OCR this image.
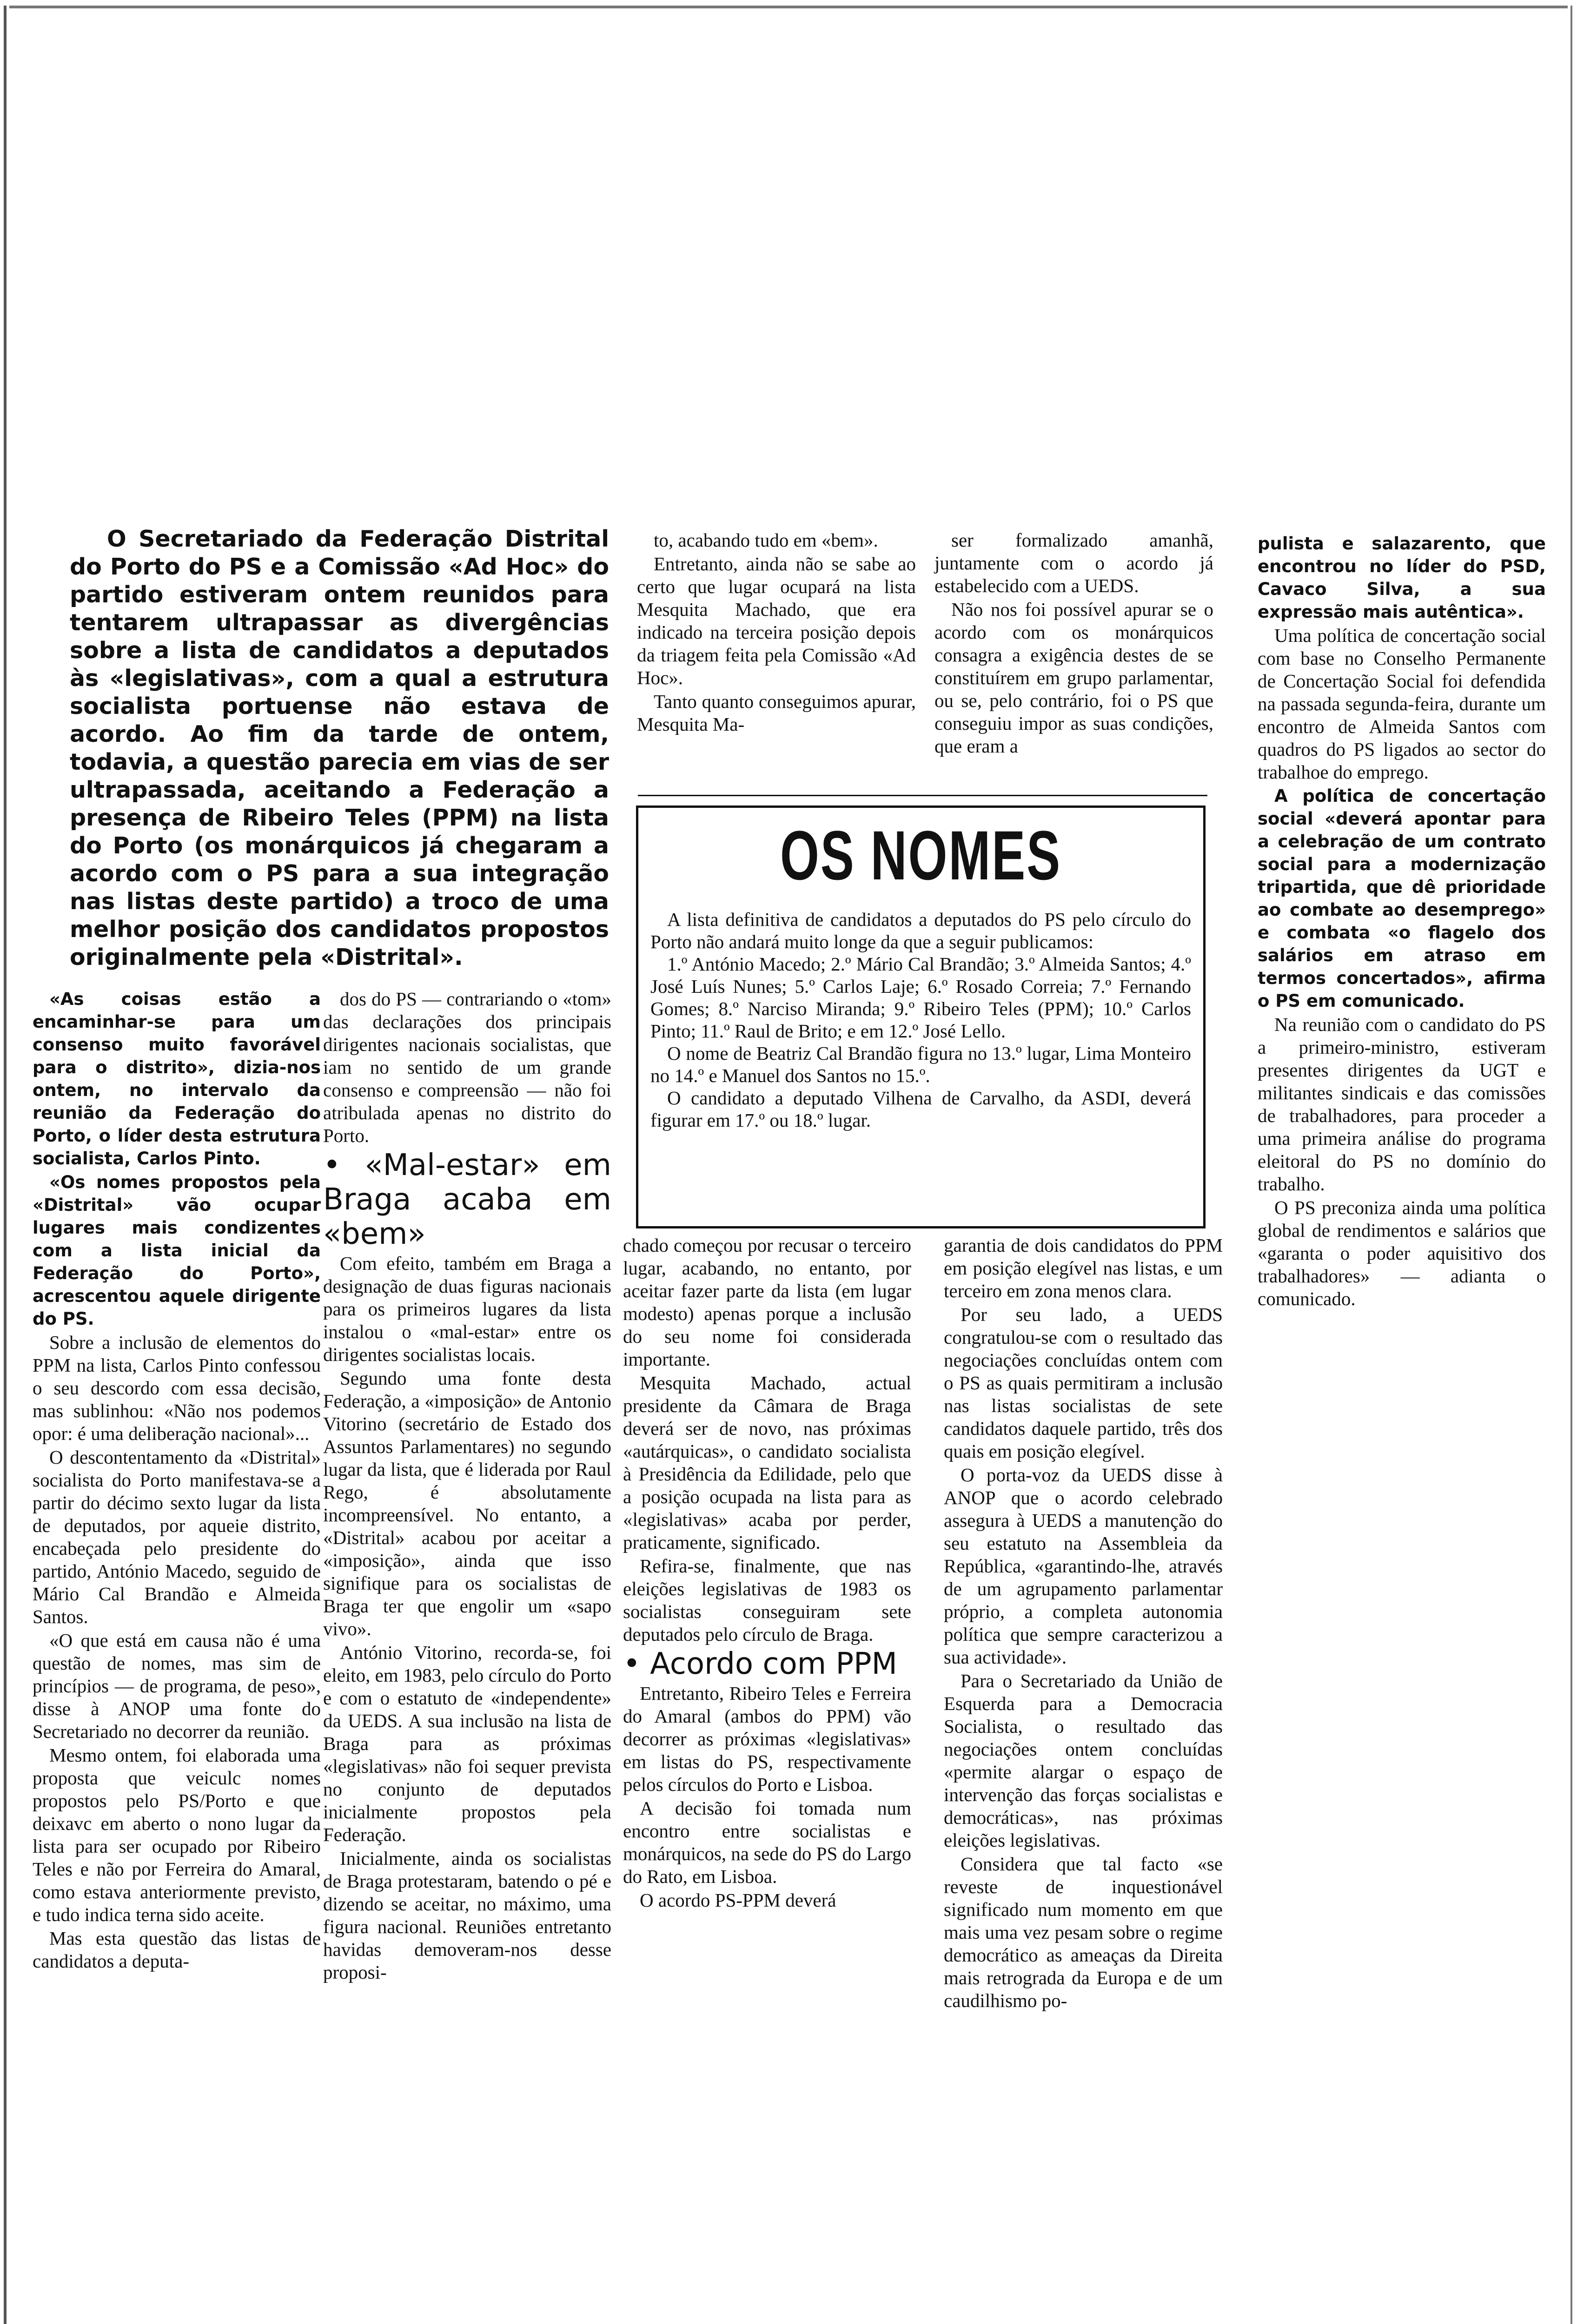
O Secretariado da Federação Distrital do Porto do PS e a Comissão «Ad Hoc» do partido estiveram ontem reunidos para tentarem ultrapassar as divergências sobre a lista de candidatos a deputados às «legislativas», com a qual a estrutura socialista portuense não estava de acordo. Ao fim da tarde de ontem, todavia, a questão parecia em vias de ser ultrapassada, aceitando a Federação a presença de Ribeiro Teles (PPM) na lista do Porto (os monárquicos já chegaram a acordo com o PS para a sua integração nas listas deste partido) a troco de uma melhor posição dos candidatos propostos originalmente pela «Distrital».

«As coisas estão a encaminhar-se para um consenso muito favorável para o distrito», dizia-nos ontem, no intervalo da reunião da Federação do Porto, o líder desta estrutura socialista, Carlos Pinto.

«Os nomes propostos pela «Distrital» vão ocupar lugares mais condizentes com a lista inicial da Federação do Porto», acrescentou aquele dirigente do PS.

Sobre a inclusão de elementos do PPM na lista, Carlos Pinto confessou o seu descordo com essa decisão, mas sublinhou: «Não nos podemos opor: é uma deliberação nacional»...

O descontentamento da «Distrital» socialista do Porto manifestava-se a partir do décimo sexto lugar da lista de deputados, por aqueie distrito, encabeçada pelo presidente do partido, António Macedo, seguido de Mário Cal Brandão e Almeida Santos.

«O que está em causa não é uma questão de nomes, mas sim de princípios — de programa, de peso», disse à ANOP uma fonte do Secretariado no decorrer da reunião.

Mesmo ontem, foi elaborada uma proposta que veiculc nomes propostos pelo PS/Porto e que deixavc em aberto o nono lugar da lista para ser ocupado por Ribeiro Teles e não por Ferreira do Amaral, como estava anteriormente previsto, e tudo indica terna sido aceite.

Mas esta questão das listas de candidatos a deputa-

dos do PS — contrariando o «tom» das declarações dos principais dirigentes nacionais socialistas, que iam no sentido de um grande consenso e compreensão — não foi atribulada apenas no distrito do Porto.

• «Mal-estar» em Braga acaba em «bem»

Com efeito, também em Braga a designação de duas figuras nacionais para os primeiros lugares da lista instalou o «mal-estar» entre os dirigentes socialistas locais.

Segundo uma fonte desta Federação, a «imposição» de Antonio Vitorino (secretário de Estado dos Assuntos Parlamentares) no segundo lugar da lista, que é liderada por Raul Rego, é absolutamente incompreensível. No entanto, a «Distrital» acabou por aceitar a «imposição», ainda que isso signifique para os socialistas de Braga ter que engolir um «sapo vivo».

António Vitorino, recorda-se, foi eleito, em 1983, pelo círculo do Porto e com o estatuto de «independente» da UEDS. A sua inclusão na lista de Braga para as próximas «legislativas» não foi sequer prevista no conjunto de deputados inicialmente propostos pela Federação.

Inicialmente, ainda os socialistas de Braga protestaram, batendo o pé e dizendo se aceitar, no máximo, uma figura nacional. Reuniões entretanto havidas demoveram-nos desse proposi-

to, acabando tudo em «bem».

Entretanto, ainda não se sabe ao certo que lugar ocupará na lista Mesquita Machado, que era indicado na terceira posição depois da triagem feita pela Comissão «Ad Hoc».

Tanto quanto conseguimos apurar, Mesquita Ma-

ser formalizado amanhã, juntamente com o acordo já estabelecido com a UEDS.

Não nos foi possível apurar se o acordo com os monárquicos consagra a exigência destes de se constituírem em grupo parlamentar, ou se, pelo contrário, foi o PS que conseguiu impor as suas condições, que eram a

OS NOMES

A lista definitiva de candidatos a deputados do PS pelo círculo do Porto não andará muito longe da que a seguir publicamos:

1.º António Macedo; 2.º Mário Cal Brandão; 3.º Almeida Santos; 4.º José Luís Nunes; 5.º Carlos Laje; 6.º Rosado Correia; 7.º Fernando Gomes; 8.º Narciso Miranda; 9.º Ribeiro Teles (PPM); 10.º Carlos Pinto; 11.º Raul de Brito; e em 12.º José Lello.

O nome de Beatriz Cal Brandão figura no 13.º lugar, Lima Monteiro no 14.º e Manuel dos Santos no 15.º.

O candidato a deputado Vilhena de Carvalho, da ASDI, deverá figurar em 17.º ou 18.º lugar.

chado começou por recusar o terceiro lugar, acabando, no entanto, por aceitar fazer parte da lista (em lugar modesto) apenas porque a inclusão do seu nome foi considerada importante.

Mesquita Machado, actual presidente da Câmara de Braga deverá ser de novo, nas próximas «autárquicas», o candidato socialista à Presidência da Edilidade, pelo que a posição ocupada na lista para as «legislativas» acaba por perder, praticamente, significado.

Refira-se, finalmente, que nas eleições legislativas de 1983 os socialistas conseguiram sete deputados pelo círculo de Braga.

• Acordo com PPM

Entretanto, Ribeiro Teles e Ferreira do Amaral (ambos do PPM) vão decorrer as próximas «legislativas» em listas do PS, respectivamente pelos círculos do Porto e Lisboa.

A decisão foi tomada num encontro entre socialistas e monárquicos, na sede do PS do Largo do Rato, em Lisboa.

O acordo PS-PPM deverá

garantia de dois candidatos do PPM em posição elegível nas listas, e um terceiro em zona menos clara.

Por seu lado, a UEDS congratulou-se com o resultado das negociações concluídas ontem com o PS as quais permitiram a inclusão nas listas socialistas de sete candidatos daquele partido, três dos quais em posição elegível.

O porta-voz da UEDS disse à ANOP que o acordo celebrado assegura à UEDS a manutenção do seu estatuto na Assembleia da República, «garantindo-lhe, através de um agrupamento parlamentar próprio, a completa autonomia política que sempre caracterizou a sua actividade».

Para o Secretariado da União de Esquerda para a Democracia Socialista, o resultado das negociações ontem concluídas «permite alargar o espaço de intervenção das forças socialistas e democráticas», nas próximas eleições legislativas.

Considera que tal facto «se reveste de inquestionável significado num momento em que mais uma vez pesam sobre o regime democrático as ameaças da Direita mais retrograda da Europa e de um caudilhismo po-

pulista e salazarento, que encontrou no líder do PSD, Cavaco Silva, a sua expressão mais autêntica».

Uma política de concertação social com base no Conselho Permanente de Concertação Social foi defendida na passada segunda-feira, durante um encontro de Almeida Santos com quadros do PS ligados ao sector do trabalhoe do emprego.

A política de concertação social «deverá apontar para a celebração de um contrato social para a modernização tripartida, que dê prioridade ao combate ao desemprego» e combata «o flagelo dos salários em atraso em termos concertados», afirma o PS em comunicado.

Na reunião com o candidato do PS a primeiro-ministro, estiveram presentes dirigentes da UGT e militantes sindicais e das comissões de trabalhadores, para proceder a uma primeira análise do programa eleitoral do PS no domínio do trabalho.

O PS preconiza ainda uma política global de rendimentos e salários que «garanta o poder aquisitivo dos trabalhadores» — adianta o comunicado.
